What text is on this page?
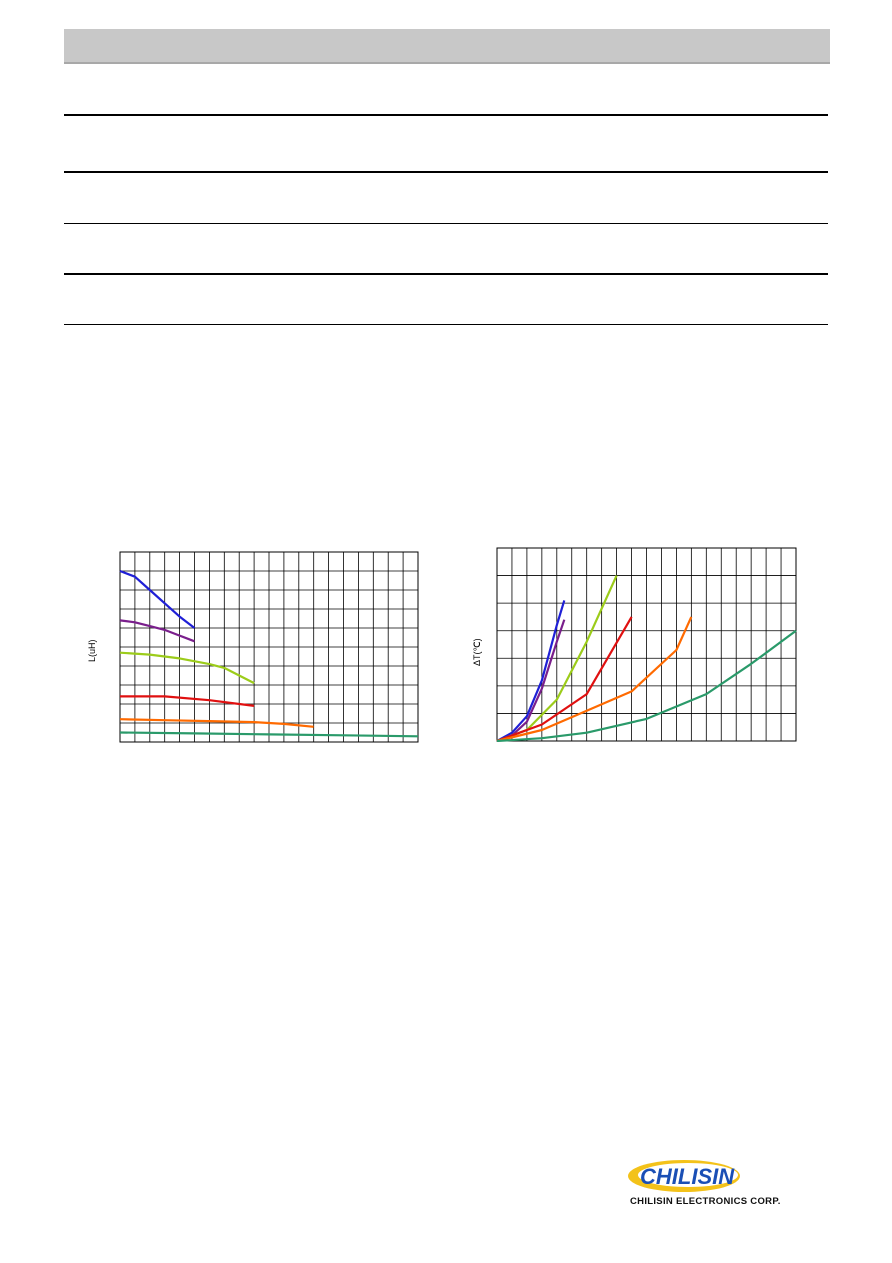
L(uH)	ΔT(℃)
CHILISIN
CHILISIN ELECTRONICS CORP.
